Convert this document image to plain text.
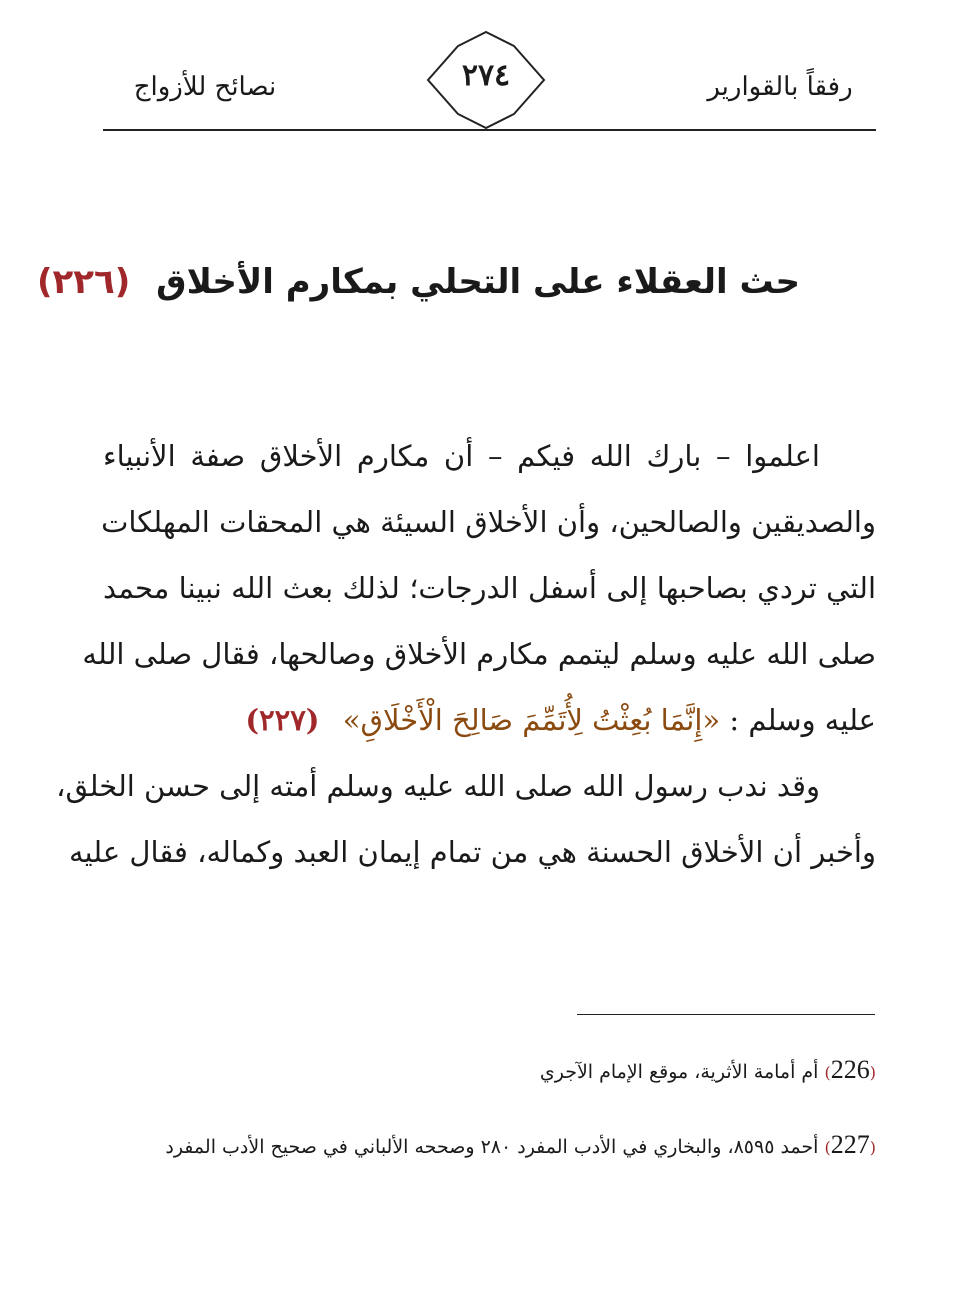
رفقاً بالقوارير
٢٧٤
نصائح للأزواج
حث العقلاء على التحلي بمكارم الأخلاق (٢٢٦)
اعلموا – بارك الله فيكم – أن مكارم الأخلاق صفة الأنبياء
والصديقين والصالحين، وأن الأخلاق السيئة هي المحقات المهلكات
التي تردي بصاحبها إلى أسفل الدرجات؛ لذلك بعث الله نبينا محمد
صلى الله عليه وسلم ليتمم مكارم الأخلاق وصالحها، فقال صلى الله
عليه وسلم : «إِنَّمَا بُعِثْتُ لِأُتَمِّمَ صَالِحَ الْأَخْلَاقِ» (٢٢٧)
وقد ندب رسول الله صلى الله عليه وسلم أمته إلى حسن الخلق،
وأخبر أن الأخلاق الحسنة هي من تمام إيمان العبد وكماله، فقال عليه
(226) أم أمامة الأثرية، موقع الإمام الآجري
(227) أحمد ٨٥٩٥، والبخاري في الأدب المفرد ٢٨٠ وصححه الألباني في صحيح الأدب المفرد
